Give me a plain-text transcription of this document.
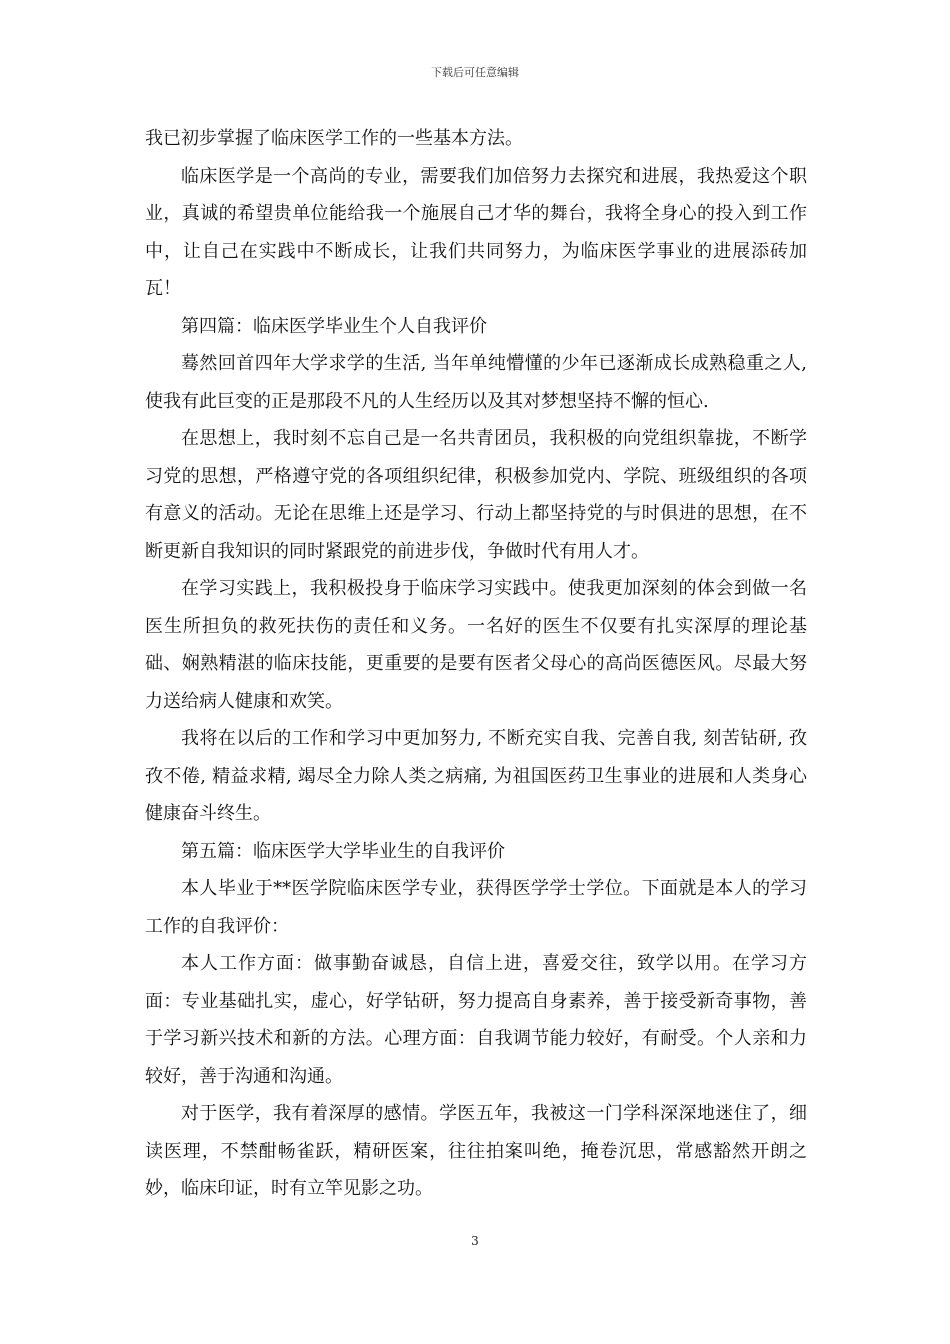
下载后可任意编辑

我已初步掌握了临床医学工作的一些基本方法。

临床医学是一个高尚的专业，需要我们加倍努力去探究和进展，我热爱这个职业，真诚的希望贵单位能给我一个施展自己才华的舞台，我将全身心的投入到工作中，让自己在实践中不断成长，让我们共同努力，为临床医学事业的进展添砖加瓦！

第四篇：临床医学毕业生个人自我评价

蓦然回首四年大学求学的生活, 当年单纯懵懂的少年已逐渐成长成熟稳重之人, 使我有此巨变的正是那段不凡的人生经历以及其对梦想坚持不懈的恒心.

在思想上，我时刻不忘自己是一名共青团员，我积极的向党组织靠拢，不断学习党的思想，严格遵守党的各项组织纪律，积极参加党内、学院、班级组织的各项有意义的活动。无论在思维上还是学习、行动上都坚持党的与时俱进的思想，在不断更新自我知识的同时紧跟党的前进步伐，争做时代有用人才。

在学习实践上，我积极投身于临床学习实践中。使我更加深刻的体会到做一名医生所担负的救死扶伤的责任和义务。一名好的医生不仅要有扎实深厚的理论基础、娴熟精湛的临床技能，更重要的是要有医者父母心的高尚医德医风。尽最大努力送给病人健康和欢笑。

我将在以后的工作和学习中更加努力, 不断充实自我、完善自我, 刻苦钻研, 孜孜不倦, 精益求精, 竭尽全力除人类之病痛, 为祖国医药卫生事业的进展和人类身心健康奋斗终生。

第五篇：临床医学大学毕业生的自我评价

本人毕业于**医学院临床医学专业，获得医学学士学位。下面就是本人的学习工作的自我评价：

本人工作方面：做事勤奋诚恳，自信上进，喜爱交往，致学以用。在学习方面：专业基础扎实，虚心，好学钻研，努力提高自身素养，善于接受新奇事物，善于学习新兴技术和新的方法。心理方面：自我调节能力较好，有耐受。个人亲和力较好，善于沟通和沟通。

对于医学，我有着深厚的感情。学医五年，我被这一门学科深深地迷住了，细读医理，不禁酣畅雀跃，精研医案，往往拍案叫绝，掩卷沉思，常感豁然开朗之妙，临床印证，时有立竿见影之功。

3
